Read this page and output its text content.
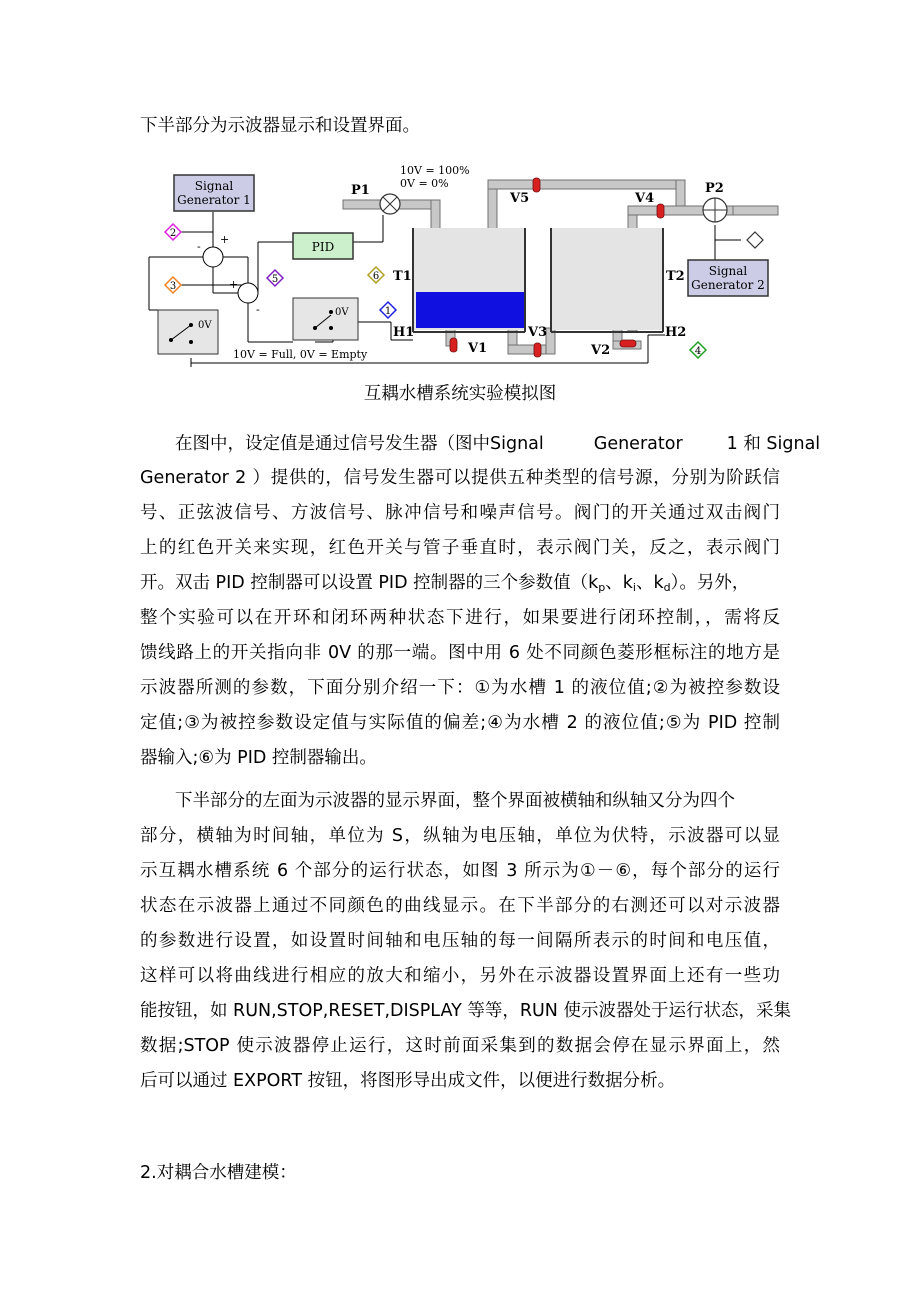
下半部分为示波器显示和设置界面。
Signal
Generator 1
+
+
-
-
PID
0V
0V
10V = Full, 0V = Empty
2
3
5	6
1
4
Signal
Generator 2
P1	P2
V5	V4
T1	T2
H1	H2
V3
V1	V2
10V = 100%
0V = 0%
互耦水槽系统实验模拟图
在图中，设定值是通过信号发生器（图中Signal	Generator	1 和 Signal
Generator 2 ）提供的，信号发生器可以提供五种类型的信号源，分别为阶跃信
号、正弦波信号、方波信号、脉冲信号和噪声信号。阀门的开关通过双击阀门
上的红色开关来实现，红色开关与管子垂直时，表示阀门关，反之，表示阀门
开。双击 PID 控制器可以设置 PID 控制器的三个参数值（$k_p$、$k_i$、$k_d$）。另外，
整个实验可以在开环和闭环两种状态下进行，如果要进行闭环控制，，需将反
馈线路上的开关指向非 0V 的那一端。图中用 6 处不同颜色菱形框标注的地方是
示波器所测的参数，下面分别介绍一下：①为水槽 1 的液位值;②为被控参数设
定值;③为被控参数设定值与实际值的偏差;④为水槽 2 的液位值;⑤为 PID 控制
器输入;⑥为 PID 控制器输出。
下半部分的左面为示波器的显示界面，整个界面被横轴和纵轴又分为四个
部分，横轴为时间轴，单位为 S，纵轴为电压轴，单位为伏特，示波器可以显
示互耦水槽系统 6 个部分的运行状态，如图 3 所示为①－⑥，每个部分的运行
状态在示波器上通过不同颜色的曲线显示。在下半部分的右测还可以对示波器
的参数进行设置，如设置时间轴和电压轴的每一间隔所表示的时间和电压值，
这样可以将曲线进行相应的放大和缩小，另外在示波器设置界面上还有一些功
能按钮，如 RUN,STOP,RESET,DISPLAY 等等，RUN 使示波器处于运行状态，采集
数据;STOP 使示波器停止运行，这时前面采集到的数据会停在显示界面上，然
后可以通过 EXPORT 按钮，将图形导出成文件，以便进行数据分析。
2.对耦合水槽建模：
